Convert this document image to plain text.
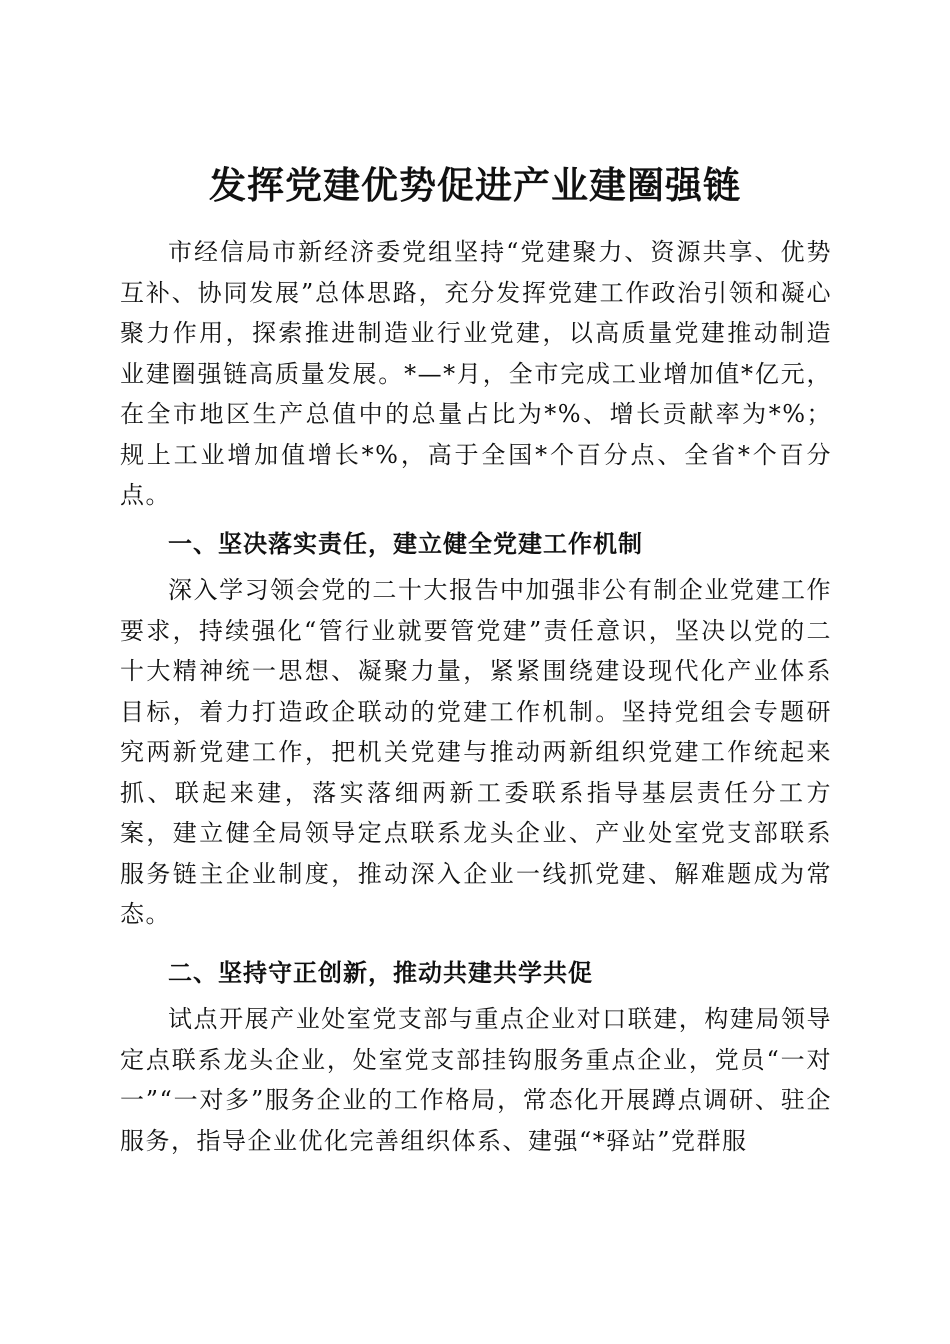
发挥党建优势促进产业建圈强链

市经信局市新经济委党组坚持“党建聚力、资源共享、优势互补、协同发展”总体思路，充分发挥党建工作政治引领和凝心聚力作用，探索推进制造业行业党建，以高质量党建推动制造业建圈强链高质量发展。*—*月，全市完成工业增加值*亿元，在全市地区生产总值中的总量占比为*%、增长贡献率为*%；规上工业增加值增长*%，高于全国*个百分点、全省*个百分点。

一、坚决落实责任，建立健全党建工作机制

深入学习领会党的二十大报告中加强非公有制企业党建工作要求，持续强化“管行业就要管党建”责任意识，坚决以党的二十大精神统一思想、凝聚力量，紧紧围绕建设现代化产业体系目标，着力打造政企联动的党建工作机制。坚持党组会专题研究两新党建工作，把机关党建与推动两新组织党建工作统起来抓、联起来建，落实落细两新工委联系指导基层责任分工方案，建立健全局领导定点联系龙头企业、产业处室党支部联系服务链主企业制度，推动深入企业一线抓党建、解难题成为常态。

二、坚持守正创新，推动共建共学共促

试点开展产业处室党支部与重点企业对口联建，构建局领导定点联系龙头企业，处室党支部挂钩服务重点企业，党员“一对一”“一对多”服务企业的工作格局，常态化开展蹲点调研、驻企服务，指导企业优化完善组织体系、建强“*驿站”党群服
